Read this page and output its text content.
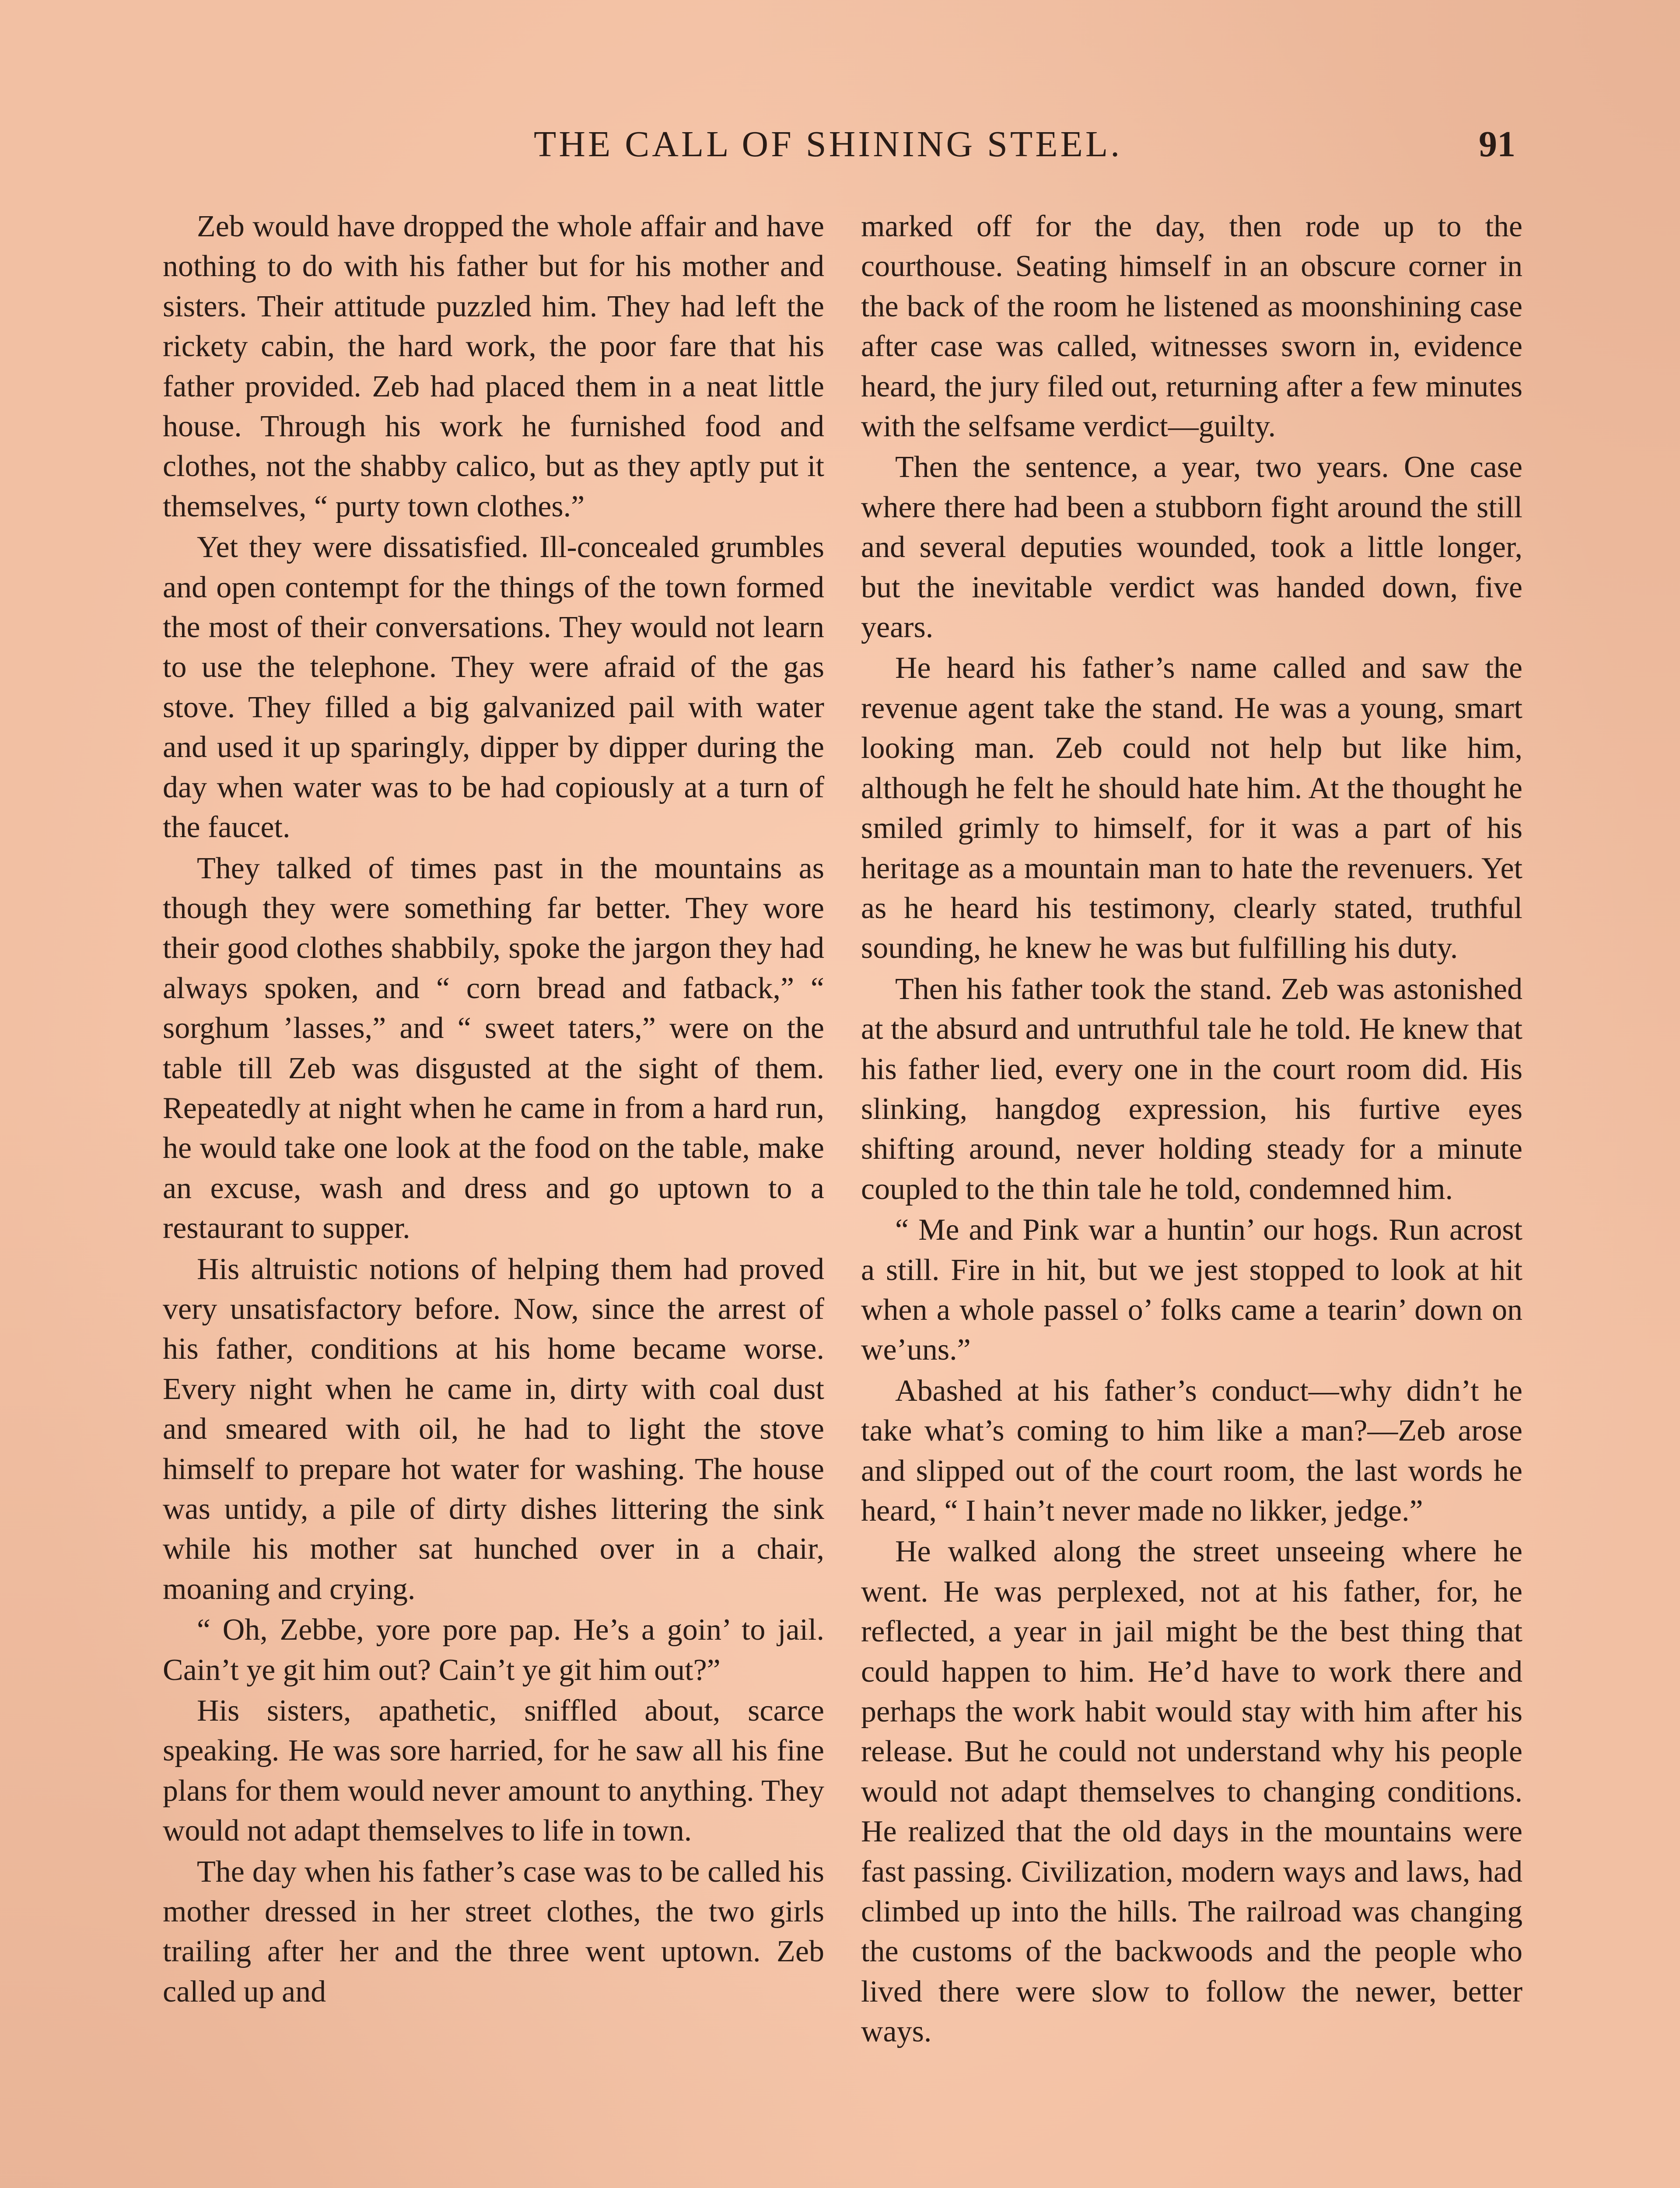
THE CALL OF SHINING STEEL.	91

Zeb would have dropped the whole affair and have nothing to do with his father but for his mother and sisters. Their attitude puzzled him. They had left the rickety cabin, the hard work, the poor fare that his father provided. Zeb had placed them in a neat little house. Through his work he furnished food and clothes, not the shabby calico, but as they aptly put it themselves, “ purty town clothes.”

Yet they were dissatisfied. Ill-concealed grumbles and open contempt for the things of the town formed the most of their conversations. They would not learn to use the telephone. They were afraid of the gas stove. They filled a big galvanized pail with water and used it up sparingly, dipper by dipper during the day when water was to be had copiously at a turn of the faucet.

They talked of times past in the mountains as though they were something far better. They wore their good clothes shabbily, spoke the jargon they had always spoken, and “ corn bread and fatback,” “ sorghum ’lasses,” and “ sweet taters,” were on the table till Zeb was disgusted at the sight of them. Repeatedly at night when he came in from a hard run, he would take one look at the food on the table, make an excuse, wash and dress and go uptown to a restaurant to supper.

His altruistic notions of helping them had proved very unsatisfactory before. Now, since the arrest of his father, conditions at his home became worse. Every night when he came in, dirty with coal dust and smeared with oil, he had to light the stove himself to prepare hot water for washing. The house was untidy, a pile of dirty dishes littering the sink while his mother sat hunched over in a chair, moaning and crying.

“ Oh, Zebbe, yore pore pap. He’s a goin’ to jail. Cain’t ye git him out? Cain’t ye git him out?”

His sisters, apathetic, sniffled about, scarce speaking. He was sore harried, for he saw all his fine plans for them would never amount to anything. They would not adapt themselves to life in town.

The day when his father’s case was to be called his mother dressed in her street clothes, the two girls trailing after her and the three went uptown. Zeb called up and

marked off for the day, then rode up to the courthouse. Seating himself in an obscure corner in the back of the room he listened as moonshining case after case was called, witnesses sworn in, evidence heard, the jury filed out, returning after a few minutes with the selfsame verdict—guilty.

Then the sentence, a year, two years. One case where there had been a stubborn fight around the still and several deputies wounded, took a little longer, but the inevitable verdict was handed down, five years.

He heard his father’s name called and saw the revenue agent take the stand. He was a young, smart looking man. Zeb could not help but like him, although he felt he should hate him. At the thought he smiled grimly to himself, for it was a part of his heritage as a mountain man to hate the revenuers. Yet as he heard his testimony, clearly stated, truthful sounding, he knew he was but fulfilling his duty.

Then his father took the stand. Zeb was astonished at the absurd and untruthful tale he told. He knew that his father lied, every one in the court room did. His slinking, hangdog expression, his furtive eyes shifting around, never holding steady for a minute coupled to the thin tale he told, condemned him.

“ Me and Pink war a huntin’ our hogs. Run acrost a still. Fire in hit, but we jest stopped to look at hit when a whole passel o’ folks came a tearin’ down on we’uns.”

Abashed at his father’s conduct—why didn’t he take what’s coming to him like a man?—Zeb arose and slipped out of the court room, the last words he heard, “ I hain’t never made no likker, jedge.”

He walked along the street unseeing where he went. He was perplexed, not at his father, for, he reflected, a year in jail might be the best thing that could happen to him. He’d have to work there and perhaps the work habit would stay with him after his release. But he could not understand why his people would not adapt themselves to changing conditions. He realized that the old days in the mountains were fast passing. Civilization, modern ways and laws, had climbed up into the hills. The railroad was changing the customs of the backwoods and the people who lived there were slow to follow the newer, better ways.
